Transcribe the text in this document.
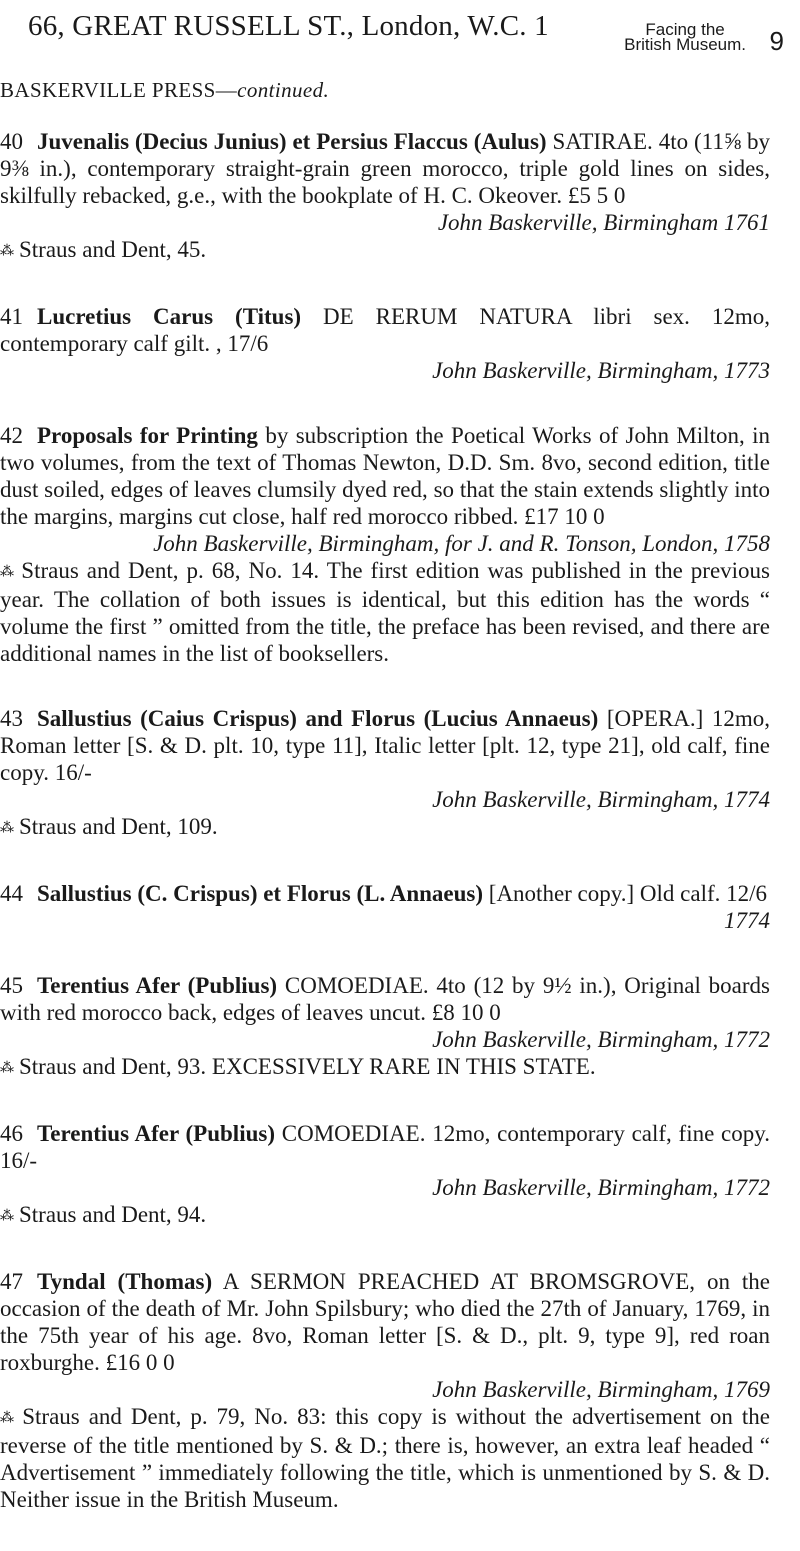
66, GREAT RUSSELL ST., London, W.C. 1	Facing the
British Museum. 9
BASKERVILLE PRESS—continued.

40 Juvenalis (Decius Junius) et Persius Flaccus (Aulus) SATIRAE. 4to (11⅝ by 9⅜ in.), contemporary straight-grain green morocco, triple gold lines on sides, skilfully rebacked, g.e., with the bookplate of H. C. Okeover. £5 5 0

John Baskerville, Birmingham 1761

⁂ Straus and Dent, 45.

41 Lucretius Carus (Titus) DE RERUM NATURA libri sex. 12mo, contemporary calf gilt. , 17/6

John Baskerville, Birmingham, 1773

42 Proposals for Printing by subscription the Poetical Works of John Milton, in two volumes, from the text of Thomas Newton, D.D. Sm. 8vo, second edition, title dust soiled, edges of leaves clumsily dyed red, so that the stain extends slightly into the margins, margins cut close, half red morocco ribbed. £17 10 0

John Baskerville, Birmingham, for J. and R. Tonson, London, 1758

⁂ Straus and Dent, p. 68, No. 14. The first edition was published in the previous year. The collation of both issues is identical, but this edition has the words “ volume the first ” omitted from the title, the preface has been revised, and there are additional names in the list of booksellers.

43 Sallustius (Caius Crispus) and Florus (Lucius Annaeus) [OPERA.] 12mo, Roman letter [S. & D. plt. 10, type 11], Italic letter [plt. 12, type 21], old calf, fine copy. 16/-

John Baskerville, Birmingham, 1774

⁂ Straus and Dent, 109.

44 Sallustius (C. Crispus) et Florus (L. Annaeus) [Another copy.] Old calf. 12/6

1774

45 Terentius Afer (Publius) COMOEDIAE. 4to (12 by 9½ in.), Original boards with red morocco back, edges of leaves uncut. £8 10 0

John Baskerville, Birmingham, 1772

⁂ Straus and Dent, 93. EXCESSIVELY RARE IN THIS STATE.

46 Terentius Afer (Publius) COMOEDIAE. 12mo, contemporary calf, fine copy. 16/-

John Baskerville, Birmingham, 1772

⁂ Straus and Dent, 94.

47 Tyndal (Thomas) A SERMON PREACHED AT BROMSGROVE, on the occasion of the death of Mr. John Spilsbury; who died the 27th of January, 1769, in the 75th year of his age. 8vo, Roman letter [S. & D., plt. 9, type 9], red roan roxburghe. £16 0 0

John Baskerville, Birmingham, 1769

⁂ Straus and Dent, p. 79, No. 83: this copy is without the advertisement on the reverse of the title mentioned by S. & D.; there is, however, an extra leaf headed “ Advertisement ” immediately following the title, which is unmentioned by S. & D. Neither issue in the British Museum.
